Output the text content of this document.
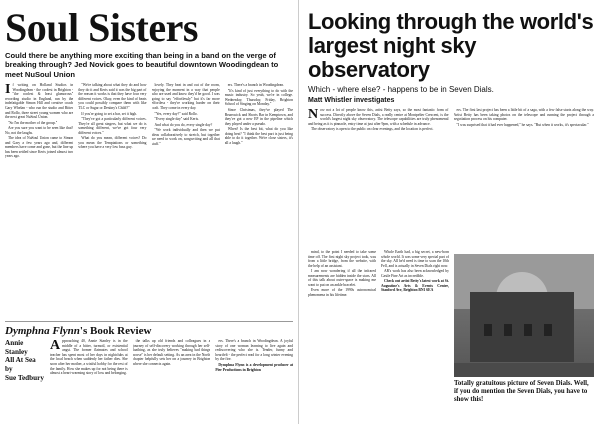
Soul Sisters
Could there be anything more exciting than being in a band on the verge of breaking through? Jed Novick goes to beautiful downtown Woodingdean to meet NuSoul Union

If writing on Holland Studios in Woodingdean - the coolest in Brighton - "the coolest & least glamorous" recording studio in England, run by the indefatigable Simon Hill and creative coach Gary Whelan - who run the studio and Ritter and Rollo, three street young women who are the next great NuSoul Union.

"So I'm the mother of the group."

Are you sure you want to be seen like that? No, not the laughs.

The idea of NuSoul Union came to Simon and Gary a few years ago and, different members have come and gone, but the line up has been settled since Keris joined almost two years ago.

"We're talking about what they do and how they do it and Keris said it was the big part of the reason it works is that they have four very different voices. Okay, even the kind of beats you could possibly compare them with like TLC or Sugar or Destiny's Child?"

If you're going to set a bar, set it high.

"They've got a particularly different voices. They're all great singers, but what we do is something different, we've got four very different voices."

What do you mean, different voices? Do you mean the Temptations or something where you have a very low bass guy.

lovely. They beat in and out of the room, enjoying the moment in a way that people who are used and know they'd be good. I was going to say "effortlessly" but it's far more effortless - they're working harder on their craft. They come in every day.

"Yes, every day?" said Rollo.

"Every single day" said Keris.

And what do you do, every single day?

"We work individually and then we put ideas collaboratively to stretch, but together we need to work on, songwriting and all that stuff."

ers. There's a branch in Woodingdean.

"It's kind of just everything to do with the music industry. So yeah, we're in college. Wednesday, Thursday, Friday, Brighton School of Singing on Monday."

Since Christmas, they've played The Brunswick and Shorts Bar in Kemptown, and they've got a new EP in the pipeline which they played under a pseudo.

When? Is the best bit, what do you like doing best? "I think the best part is just being able to do it together. We're close sisters, it's all a laugh."

Dymphna Flynn's Book Review
Annie Stanley
All At Sea
by
Sue Tedbury

Approaching 40, Annie Stanley is in the middle of a bitter, turmoil, or existential angst. The former flatmates and school teacher has spent most of her days in nightclubs at the local beach when suddenly her father dies. She soon after her mother, a wistful hobby for the rest of the family. How she makes up for not being there is almost a heart-warming story of loss and belonging.

the talks up old friends and colleagues in a journey of self-discovery working through her self-loathing, as she truly believes "making bad things worse" is her default setting. As an area in the North chapter helpfully sets her on a journey in Brighton where she connects again.

ers. There's a branch in Woodingdean. A joyful story of one woman learning to live again and rediscovering who she is. Tender, funny and heartfelt - the perfect read for a long winter evening by the fire.

Dymphna Flynn is a development producer at Pier Productions in Brighton

Looking through the world's largest night sky observatory
Which - where else? - happens to be in Seven Dials.
Matt Whistler investigates

Now not a lot of people know this, artist Betty says, so the most fantastic form of success. Directly above the Seven Dials, a really centre at Montpelier Crescent, is the world's largest night sky observatory. The telescope capabilities are truly phenomenal and being as it is pinnacle, entry time at just after 9pm, with a schedule in advance.

The observatory is open to the public on clear evenings, and the location is perfect.

ers. The first last project has been a little bit of a saga, with a few false starts along the way. Artist Betty has been taking photos on the telescope and running the project through a negotiation process on his computer.

"I was surprised that it had ever happened," he says. "But when it works, it's spectacular."

mind, to the point I needed to take some time off. The first night sky project took, was from a little bridge, from the website, with the help of an assistant.

I am now wondering if all the infrared measurements are hidden inside the stars. All of this talk about outer-space is making me want to put on an ankle bracelet.

Even more of the 1990s astronomical phenomena in his lifetime.

Whole Earth had, a big secret, a new-born whole world. It was some very special part of the sky. All he'd need is time to scan the 10th Fell, and is actually in Seven Dials right now.

AR's work has also been acknowledged by Castle Fine Art as incredible.

Check out artist Betty's latest work at St. Augustine's Arts & Events Centre, Stanford Ave, Brighton BN1 6EA

Totally gratuitous picture of Seven Dials. Well, if you do mention the Seven Dials, you have to show this!
